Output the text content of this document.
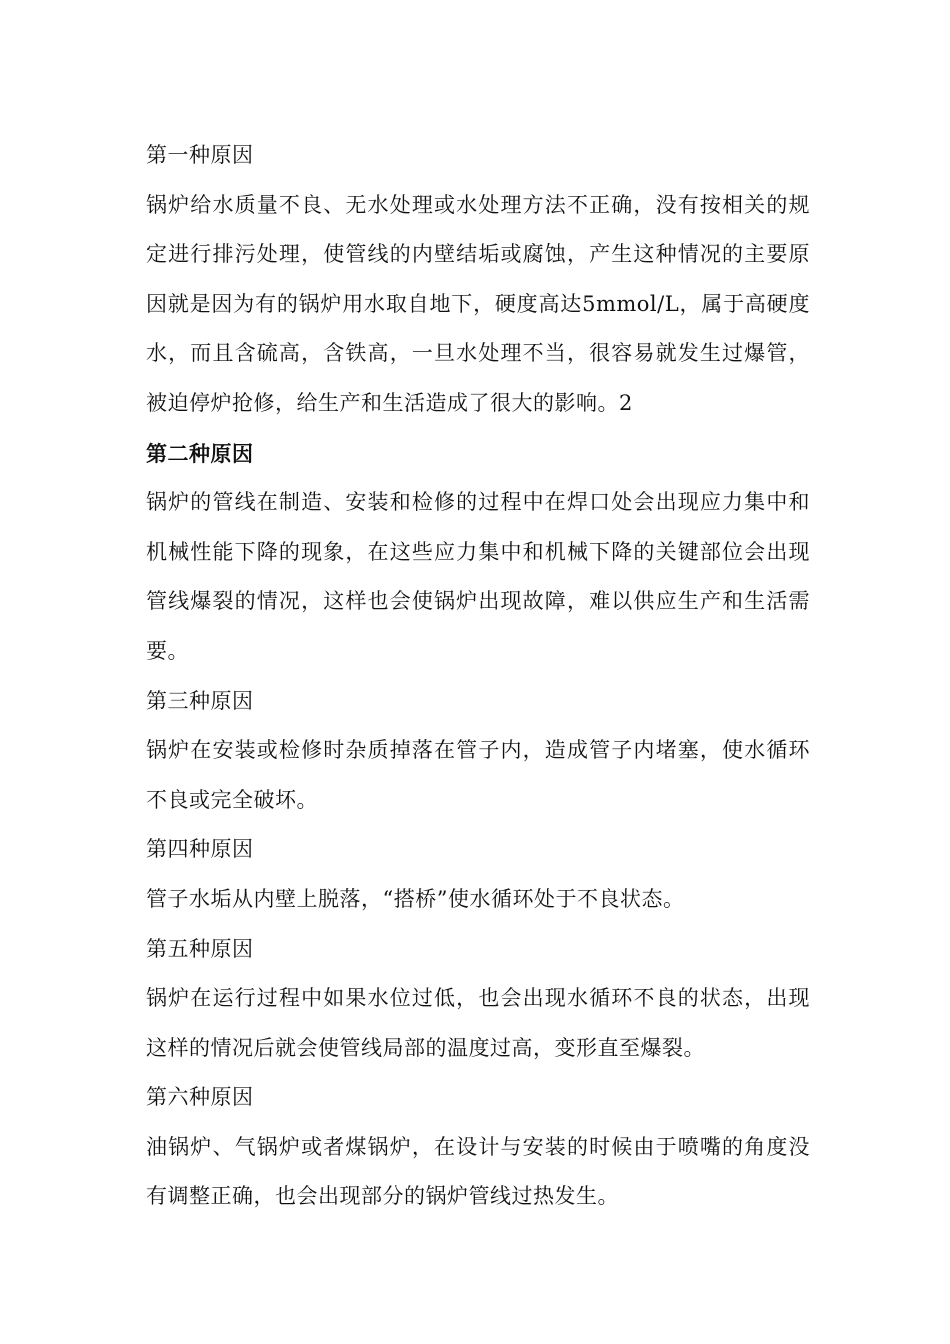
第一种原因

锅炉给水质量不良、无水处理或水处理方法不正确，没有按相关的规定进行排污处理，使管线的内壁结垢或腐蚀，产生这种情况的主要原因就是因为有的锅炉用水取自地下，硬度高达5mmol/L，属于高硬度水，而且含硫高，含铁高，一旦水处理不当，很容易就发生过爆管，被迫停炉抢修，给生产和生活造成了很大的影响。2

第二种原因

锅炉的管线在制造、安装和检修的过程中在焊口处会出现应力集中和机械性能下降的现象，在这些应力集中和机械下降的关键部位会出现管线爆裂的情况，这样也会使锅炉出现故障，难以供应生产和生活需要。

第三种原因

锅炉在安装或检修时杂质掉落在管子内，造成管子内堵塞，使水循环不良或完全破坏。

第四种原因

管子水垢从内壁上脱落，“搭桥”使水循环处于不良状态。

第五种原因

锅炉在运行过程中如果水位过低，也会出现水循环不良的状态，出现这样的情况后就会使管线局部的温度过高，变形直至爆裂。

第六种原因

油锅炉、气锅炉或者煤锅炉，在设计与安装的时候由于喷嘴的角度没有调整正确，也会出现部分的锅炉管线过热发生。
